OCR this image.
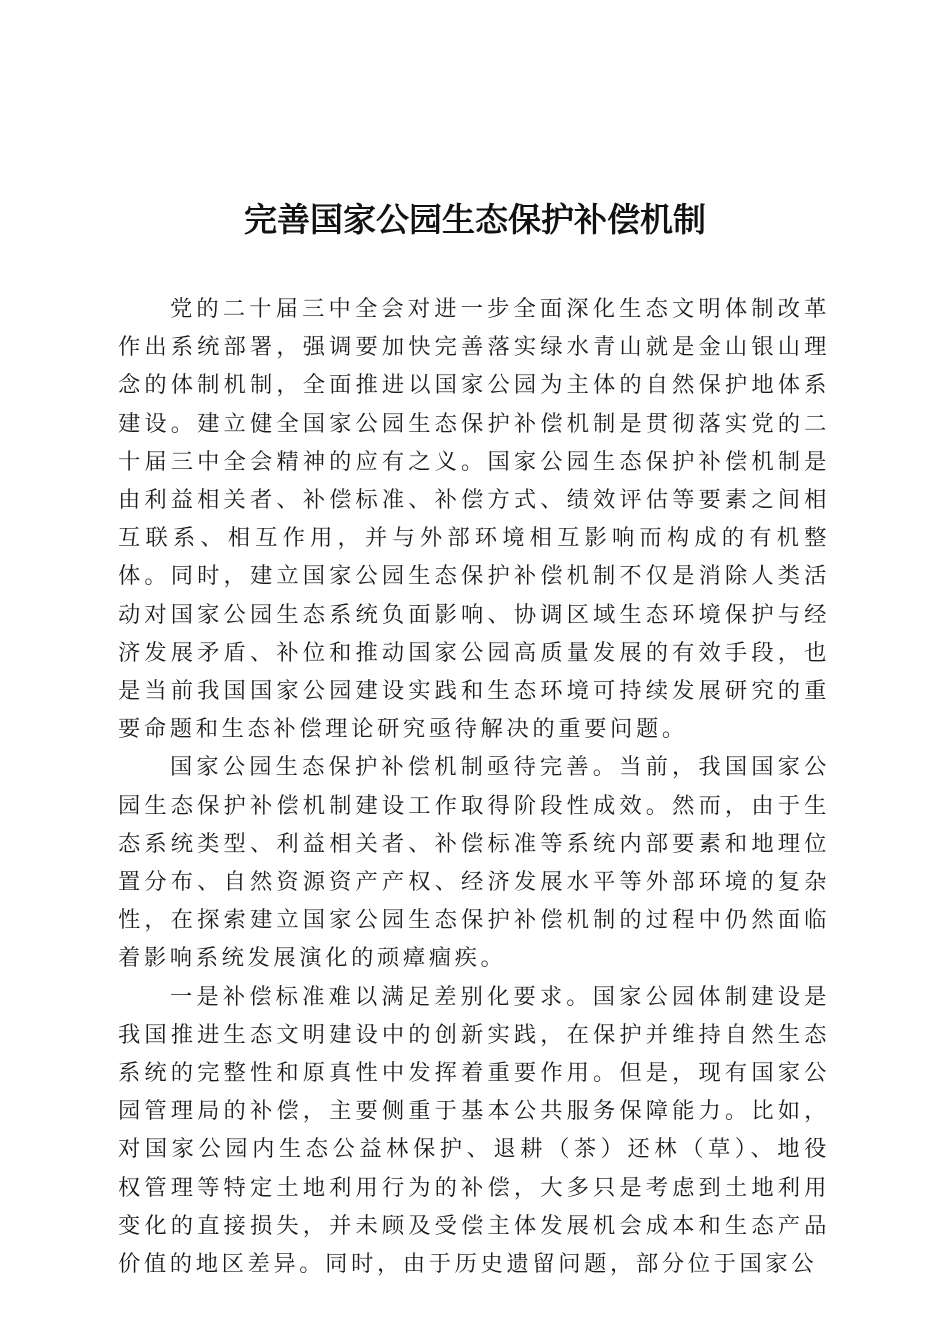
完善国家公园生态保护补偿机制

党的二十届三中全会对进一步全面深化生态文明体制改革作出系统部署，强调要加快完善落实绿水青山就是金山银山理念的体制机制，全面推进以国家公园为主体的自然保护地体系建设。建立健全国家公园生态保护补偿机制是贯彻落实党的二十届三中全会精神的应有之义。国家公园生态保护补偿机制是由利益相关者、补偿标准、补偿方式、绩效评估等要素之间相互联系、相互作用，并与外部环境相互影响而构成的有机整体。同时，建立国家公园生态保护补偿机制不仅是消除人类活动对国家公园生态系统负面影响、协调区域生态环境保护与经济发展矛盾、补位和推动国家公园高质量发展的有效手段，也是当前我国国家公园建设实践和生态环境可持续发展研究的重要命题和生态补偿理论研究亟待解决的重要问题。

国家公园生态保护补偿机制亟待完善。当前，我国国家公园生态保护补偿机制建设工作取得阶段性成效。然而，由于生态系统类型、利益相关者、补偿标准等系统内部要素和地理位置分布、自然资源资产产权、经济发展水平等外部环境的复杂性，在探索建立国家公园生态保护补偿机制的过程中仍然面临着影响系统发展演化的顽瘴痼疾。

一是补偿标准难以满足差别化要求。国家公园体制建设是我国推进生态文明建设中的创新实践，在保护并维持自然生态系统的完整性和原真性中发挥着重要作用。但是，现有国家公园管理局的补偿，主要侧重于基本公共服务保障能力。比如，对国家公园内生态公益林保护、退耕（茶）还林（草）、地役权管理等特定土地利用行为的补偿，大多只是考虑到土地利用变化的直接损失，并未顾及受偿主体发展机会成本和生态产品价值的地区差异。同时，由于历史遗留问题，部分位于国家公
